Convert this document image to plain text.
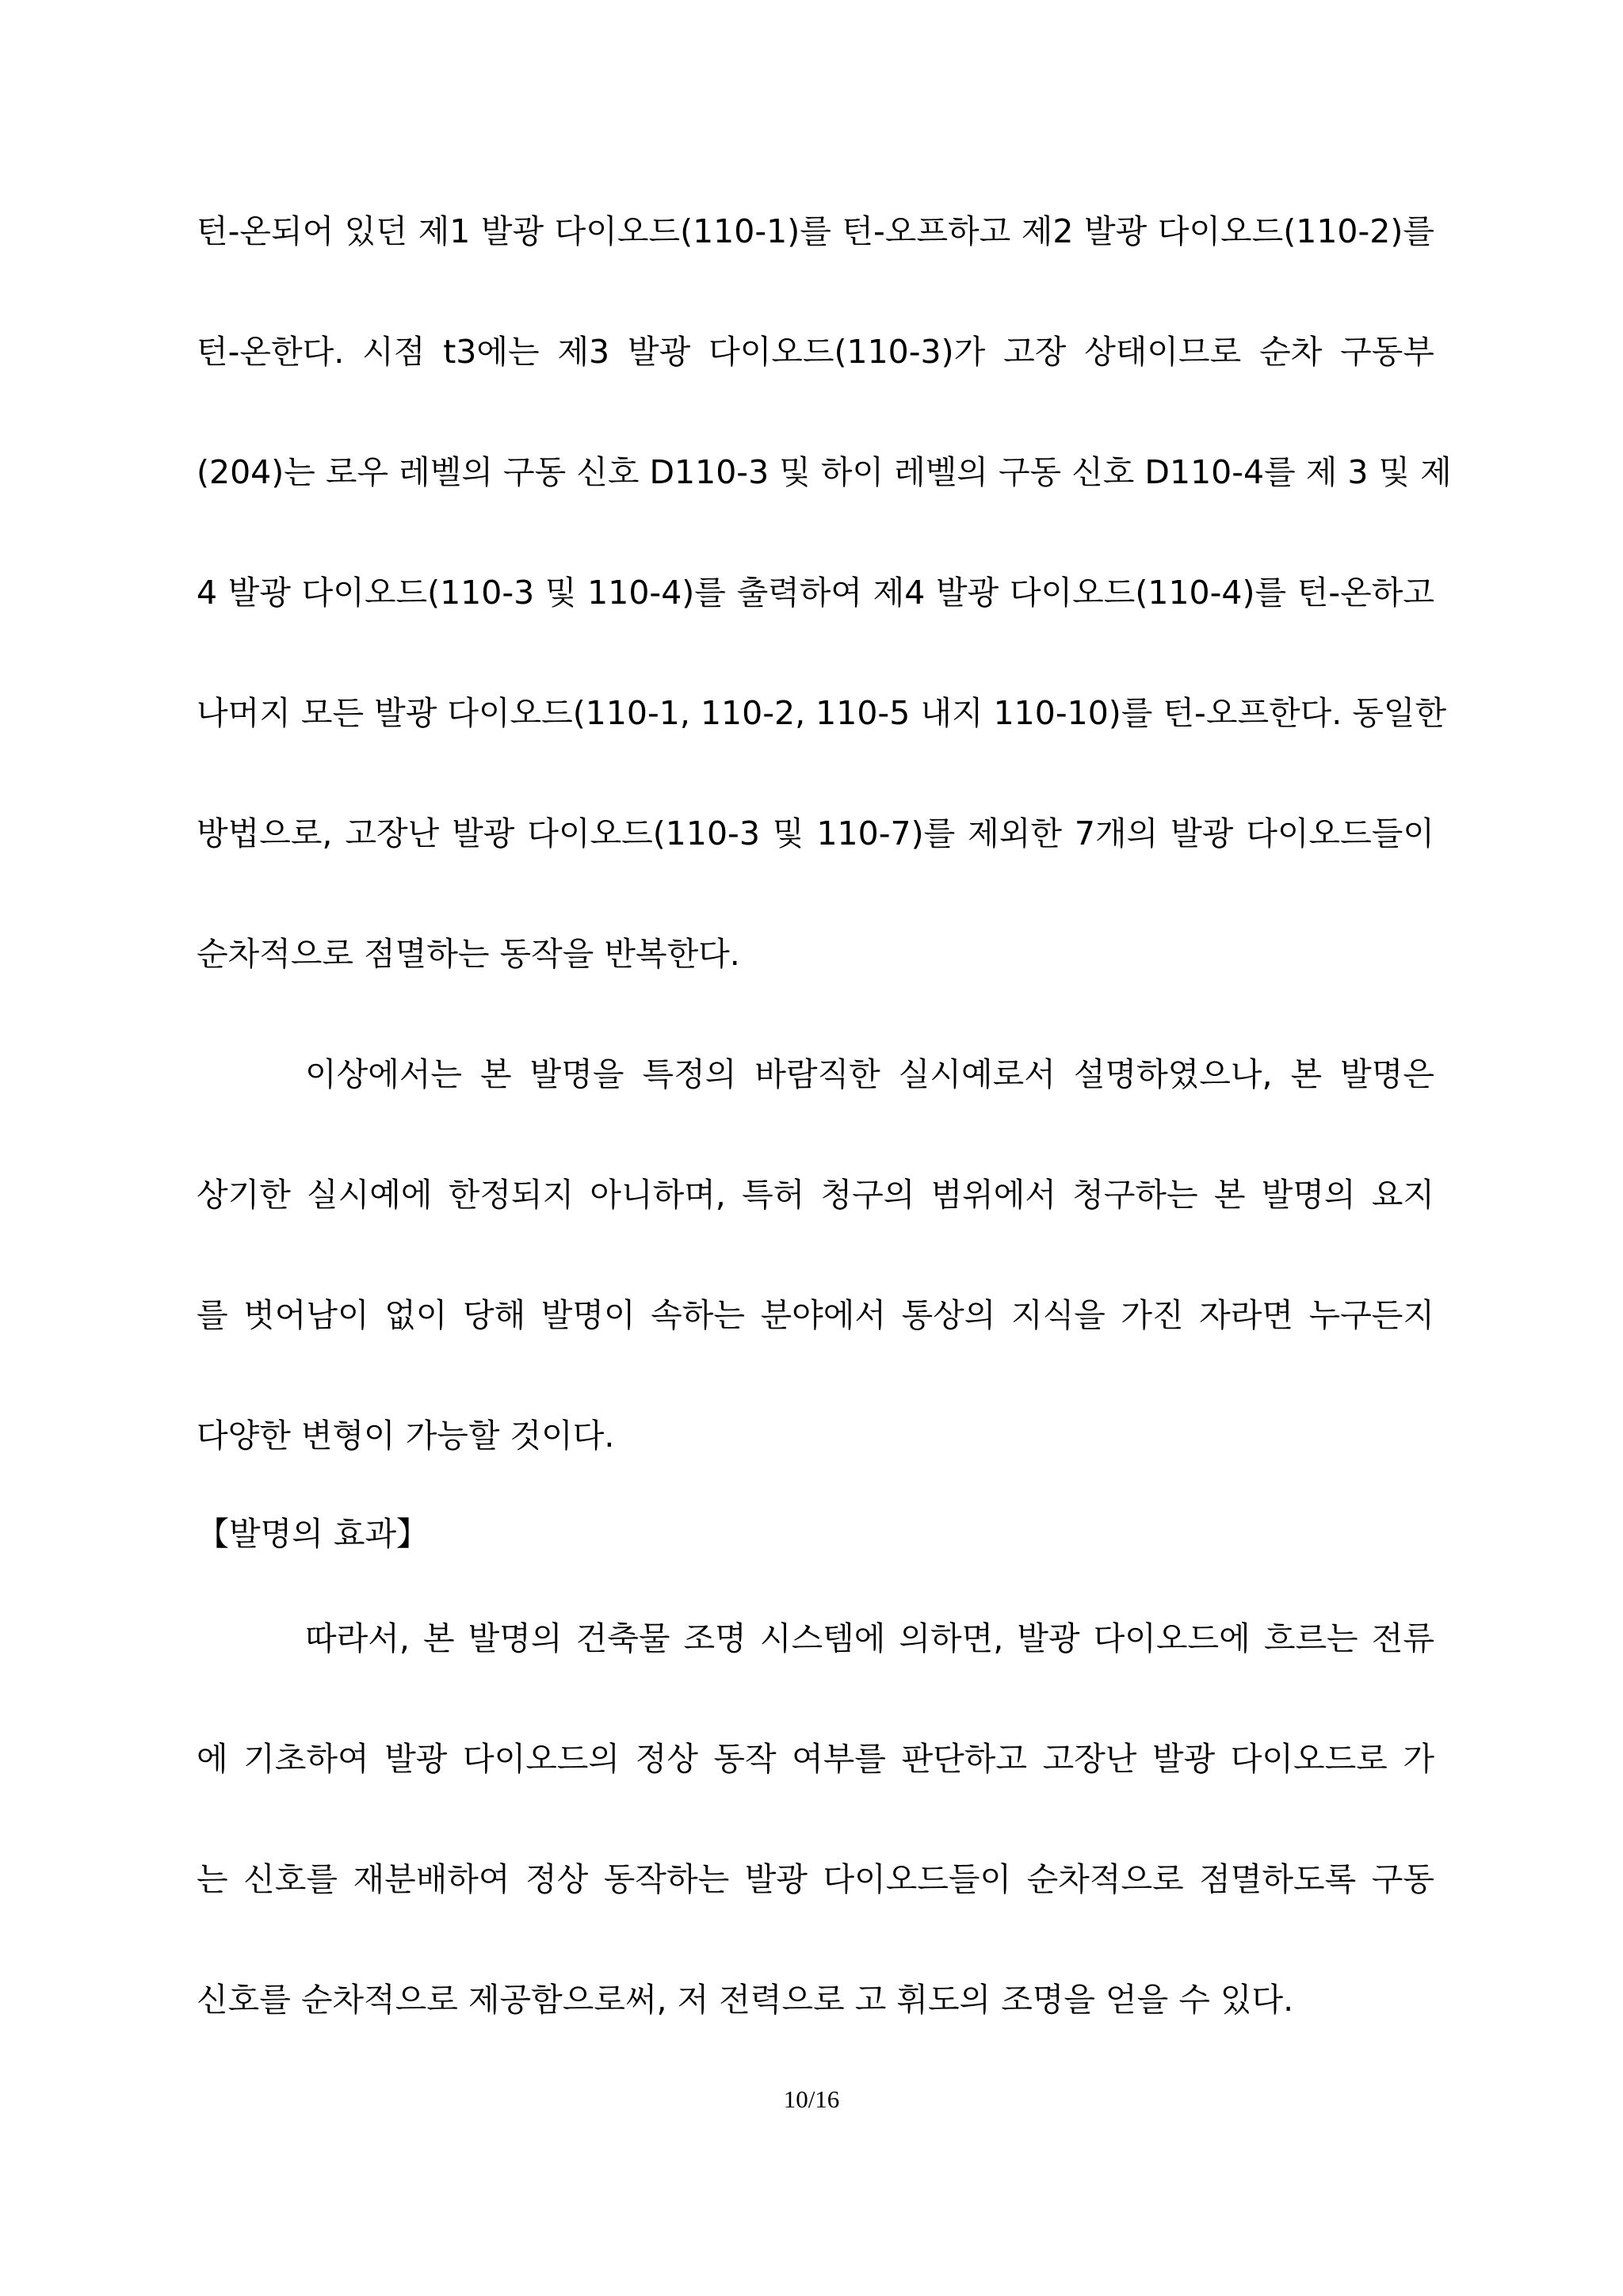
턴-온되어 있던 제1 발광 다이오드(110-1)를 턴-오프하고 제2 발광 다이오드(110-2)를
턴-온한다. 시점 t3에는 제3 발광 다이오드(110-3)가 고장 상태이므로 순차 구동부
(204)는 로우 레벨의 구동 신호 D110-3 및 하이 레벨의 구동 신호 D110-4를 제 3 및 제
4 발광 다이오드(110-3 및 110-4)를 출력하여 제4 발광 다이오드(110-4)를 턴-온하고
나머지 모든 발광 다이오드(110-1, 110-2, 110-5 내지 110-10)를 턴-오프한다. 동일한
방법으로, 고장난 발광 다이오드(110-3 및 110-7)를 제외한 7개의 발광 다이오드들이
순차적으로 점멸하는 동작을 반복한다.
이상에서는 본 발명을 특정의 바람직한 실시예로서 설명하였으나, 본 발명은
상기한 실시예에 한정되지 아니하며, 특허 청구의 범위에서 청구하는 본 발명의 요지
를 벗어남이 없이 당해 발명이 속하는 분야에서 통상의 지식을 가진 자라면 누구든지
다양한 변형이 가능할 것이다.
【발명의 효과】
따라서, 본 발명의 건축물 조명 시스템에 의하면, 발광 다이오드에 흐르는 전류
에 기초하여 발광 다이오드의 정상 동작 여부를 판단하고 고장난 발광 다이오드로 가
는 신호를 재분배하여 정상 동작하는 발광 다이오드들이 순차적으로 점멸하도록 구동
신호를 순차적으로 제공함으로써, 저 전력으로 고 휘도의 조명을 얻을 수 있다.
10/16
